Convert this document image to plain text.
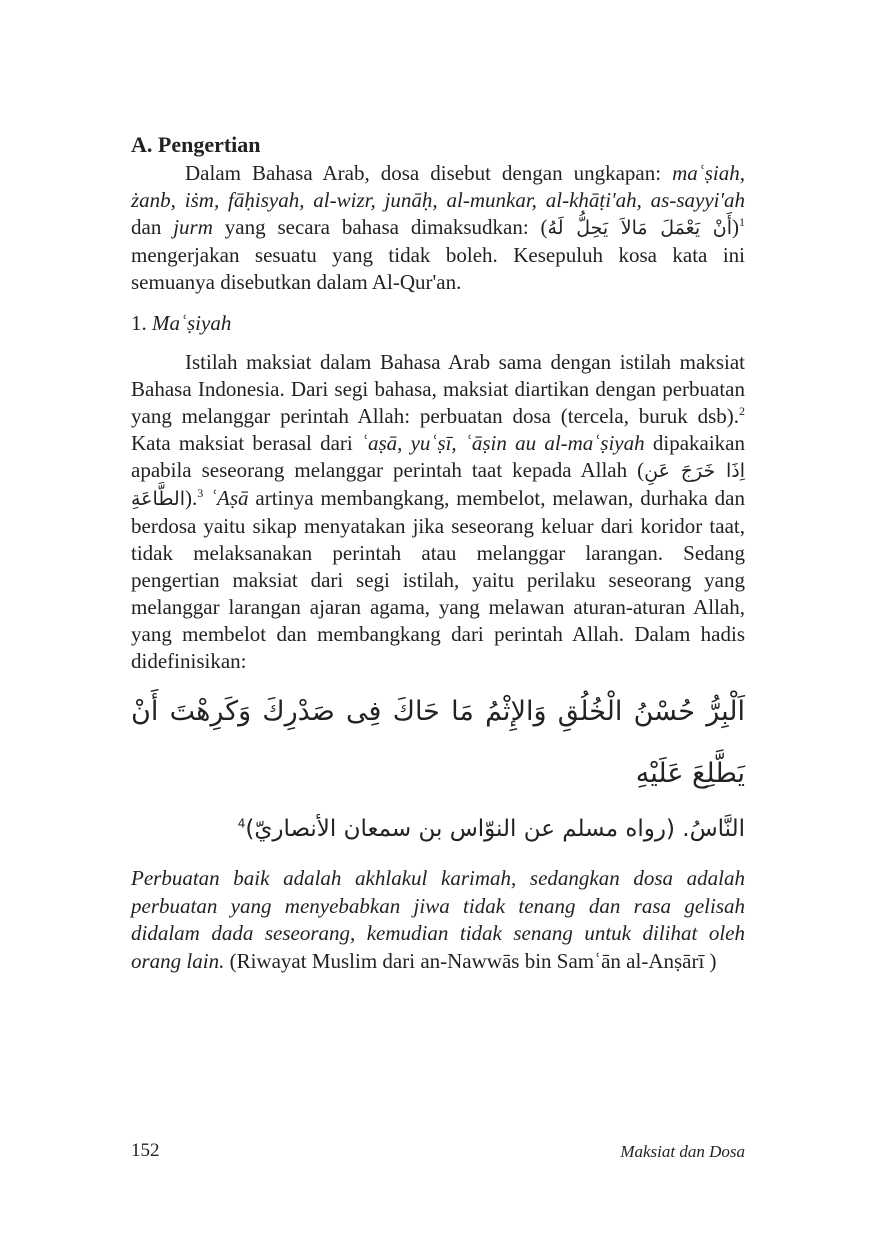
A. Pengertian

Dalam Bahasa Arab, dosa disebut dengan ungkapan: maʿṣiah, żanb, iṡm, fāḥisyah, al-wizr, junāḥ, al-munkar, al-khāṭi'ah, as-sayyi'ah dan jurm yang secara bahasa dimaksudkan: (أَنْ يَعْمَلَ مَالاَ يَحِلُّ لَهُ)$^1$ mengerjakan sesuatu yang tidak boleh. Kesepuluh kosa kata ini semuanya disebutkan dalam Al-Qur'an.

1. Maʿṣiyah

Istilah maksiat dalam Bahasa Arab sama dengan istilah maksiat Bahasa Indonesia. Dari segi bahasa, maksiat diartikan dengan perbuatan yang melanggar perintah Allah: perbuatan dosa (tercela, buruk dsb).$^2$ Kata maksiat berasal dari ʿaṣā, yuʿṣī, ʿāṣin au al-maʿṣiyah dipakaikan apabila seseorang melanggar perintah taat kepada Allah (اِذَا خَرَجَ عَنِ الطَّاعَةِ).$^3$ ʿAṣā artinya membangkang, membelot, melawan, durhaka dan berdosa yaitu sikap menyatakan jika seseorang keluar dari koridor taat, tidak melaksanakan perintah atau melanggar larangan. Sedang pengertian maksiat dari segi istilah, yaitu perilaku seseorang yang melanggar larangan ajaran agama, yang melawan aturan-aturan Allah, yang membelot dan membangkang dari perintah Allah. Dalam hadis didefinisikan:

اَلْبِرُّ حُسْنُ الْخُلُقِ وَالإِثْمُ مَا حَاكَ فِى صَدْرِكَ وَكَرِهْتَ أَنْ يَطَّلِعَ عَلَيْهِ
النَّاسُ. (رواه مسلم عن النوّاس بن سمعان الأنصاريّ)$^4$

Perbuatan baik adalah akhlakul karimah, sedangkan dosa adalah perbuatan yang menyebabkan jiwa tidak tenang dan rasa gelisah didalam dada seseorang, kemudian tidak senang untuk dilihat oleh orang lain. (Riwayat Muslim dari an-Nawwās bin Samʿān al-Anṣārī )

152	Maksiat dan Dosa
